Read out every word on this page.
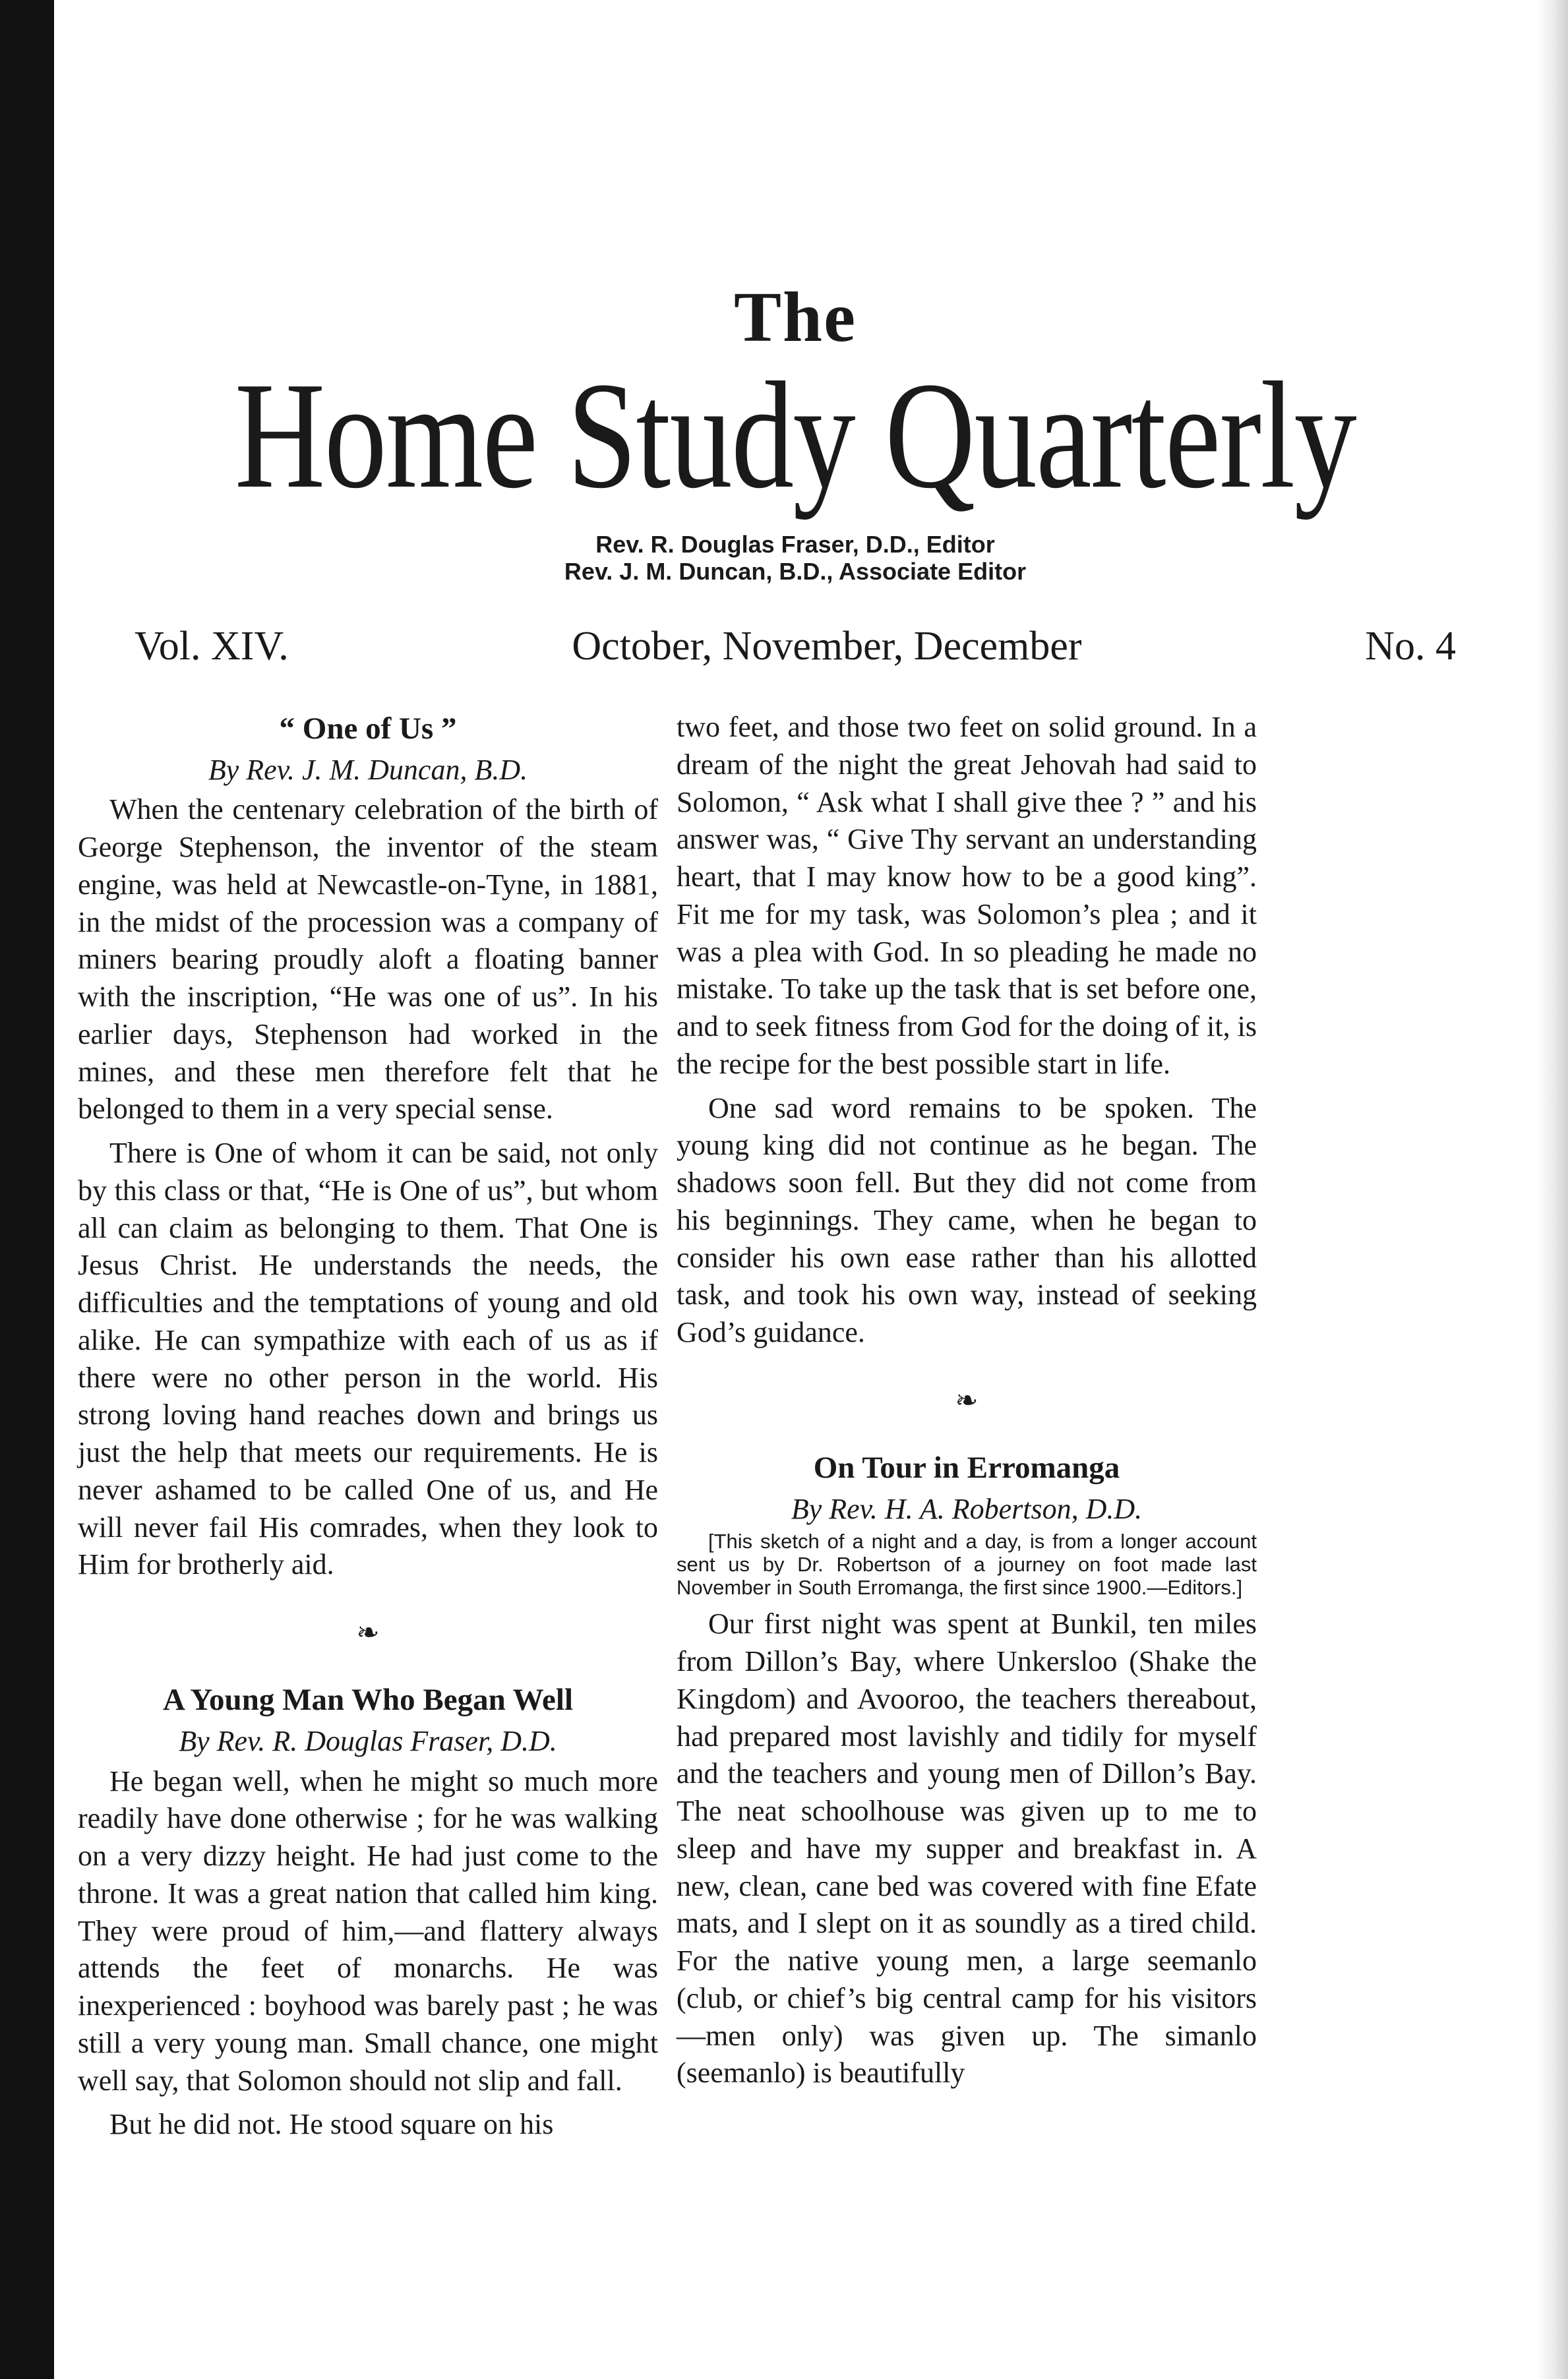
The
Home Study Quarterly
Rev. R. Douglas Fraser, D.D., Editor
Rev. J. M. Duncan, B.D., Associate Editor
Vol. XIV.	October, November, December	No. 4
“ One of Us ”
By Rev. J. M. Duncan, B.D.

When the centenary celebration of the birth of George Stephenson, the inventor of the steam engine, was held at Newcastle-on-Tyne, in 1881, in the midst of the procession was a company of miners bearing proudly aloft a floating banner with the inscription, “He was one of us”. In his earlier days, Stephenson had worked in the mines, and these men therefore felt that he belonged to them in a very special sense.

There is One of whom it can be said, not only by this class or that, “He is One of us”, but whom all can claim as belonging to them. That One is Jesus Christ. He understands the needs, the difficulties and the temptations of young and old alike. He can sympathize with each of us as if there were no other person in the world. His strong loving hand reaches down and brings us just the help that meets our requirements. He is never ashamed to be called One of us, and He will never fail His comrades, when they look to Him for brotherly aid.

❧
A Young Man Who Began Well
By Rev. R. Douglas Fraser, D.D.

He began well, when he might so much more readily have done otherwise ; for he was walking on a very dizzy height. He had just come to the throne. It was a great nation that called him king. They were proud of him,—and flattery always attends the feet of monarchs. He was inexperienced : boyhood was barely past ; he was still a very young man. Small chance, one might well say, that Solomon should not slip and fall.

But he did not. He stood square on his

two feet, and those two feet on solid ground. In a dream of the night the great Jehovah had said to Solomon, “ Ask what I shall give thee ? ” and his answer was, “ Give Thy servant an understanding heart, that I may know how to be a good king”. Fit me for my task, was Solomon’s plea ; and it was a plea with God. In so pleading he made no mistake. To take up the task that is set before one, and to seek fitness from God for the doing of it, is the recipe for the best possible start in life.

One sad word remains to be spoken. The young king did not continue as he began. The shadows soon fell. But they did not come from his beginnings. They came, when he began to consider his own ease rather than his allotted task, and took his own way, instead of seeking God’s guidance.

❧
On Tour in Erromanga
By Rev. H. A. Robertson, D.D.

[This sketch of a night and a day, is from a longer account sent us by Dr. Robertson of a journey on foot made last November in South Erromanga, the first since 1900.—Editors.]

Our first night was spent at Bunkil, ten miles from Dillon’s Bay, where Unkersloo (Shake the Kingdom) and Avooroo, the teachers thereabout, had prepared most lavishly and tidily for myself and the teachers and young men of Dillon’s Bay. The neat schoolhouse was given up to me to sleep and have my supper and breakfast in. A new, clean, cane bed was covered with fine Efate mats, and I slept on it as soundly as a tired child. For the native young men, a large seemanlo (club, or chief’s big central camp for his visitors—men only) was given up. The simanlo (seemanlo) is beautifully
